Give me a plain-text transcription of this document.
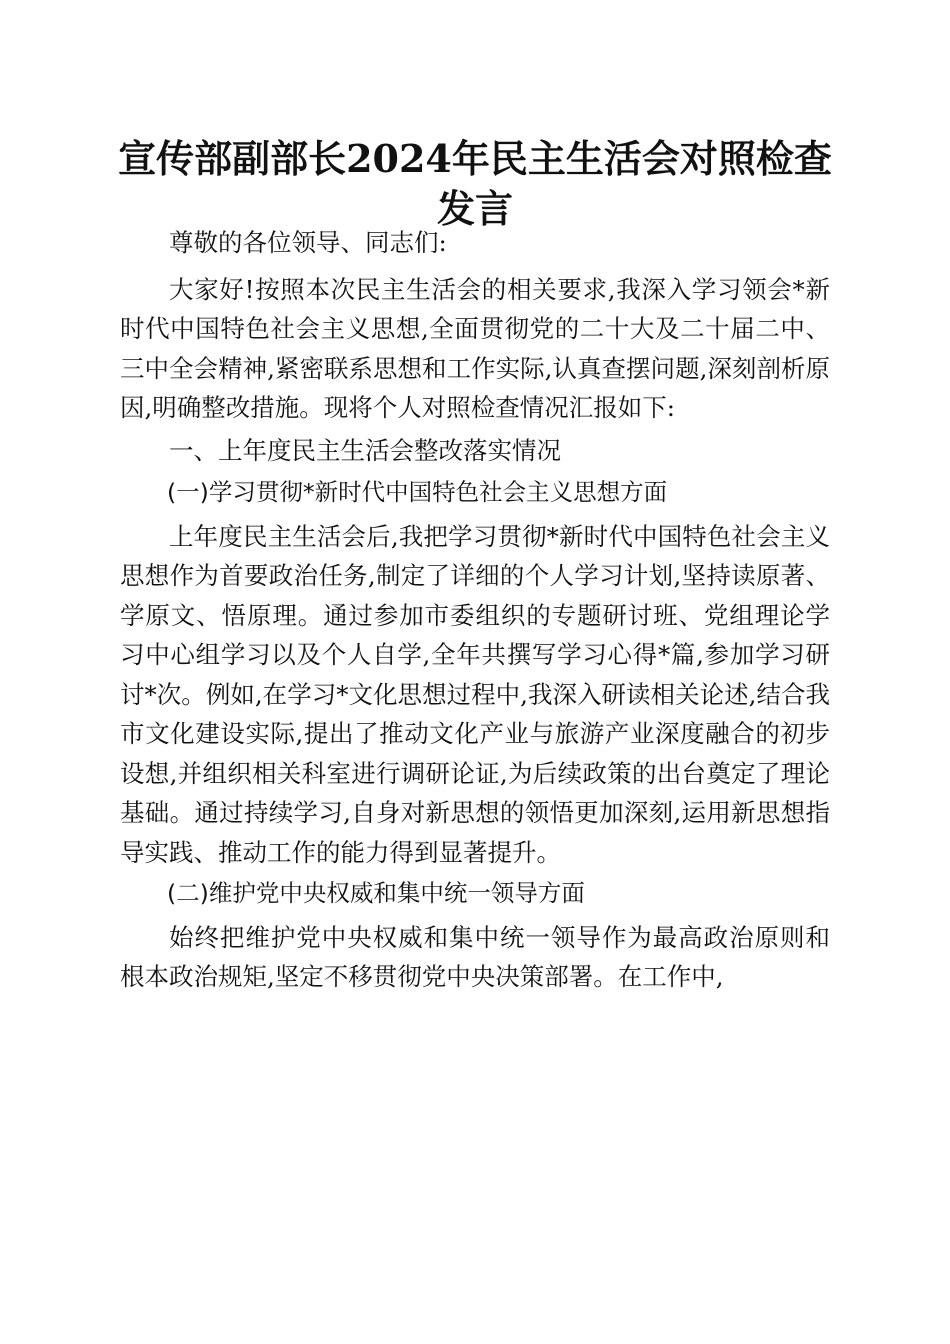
宣传部副部长2024年民主生活会对照检查发言

尊敬的各位领导、同志们:

大家好!按照本次民主生活会的相关要求,我深入学习领会*新时代中国特色社会主义思想,全面贯彻党的二十大及二十届二中、三中全会精神,紧密联系思想和工作实际,认真查摆问题,深刻剖析原因,明确整改措施。现将个人对照检查情况汇报如下:

一、上年度民主生活会整改落实情况

(一)学习贯彻*新时代中国特色社会主义思想方面

上年度民主生活会后,我把学习贯彻*新时代中国特色社会主义思想作为首要政治任务,制定了详细的个人学习计划,坚持读原著、学原文、悟原理。通过参加市委组织的专题研讨班、党组理论学习中心组学习以及个人自学,全年共撰写学习心得*篇,参加学习研讨*次。例如,在学习*文化思想过程中,我深入研读相关论述,结合我市文化建设实际,提出了推动文化产业与旅游产业深度融合的初步设想,并组织相关科室进行调研论证,为后续政策的出台奠定了理论基础。通过持续学习,自身对新思想的领悟更加深刻,运用新思想指导实践、推动工作的能力得到显著提升。

(二)维护党中央权威和集中统一领导方面

始终把维护党中央权威和集中统一领导作为最高政治原则和根本政治规矩,坚定不移贯彻党中央决策部署。在工作中,
